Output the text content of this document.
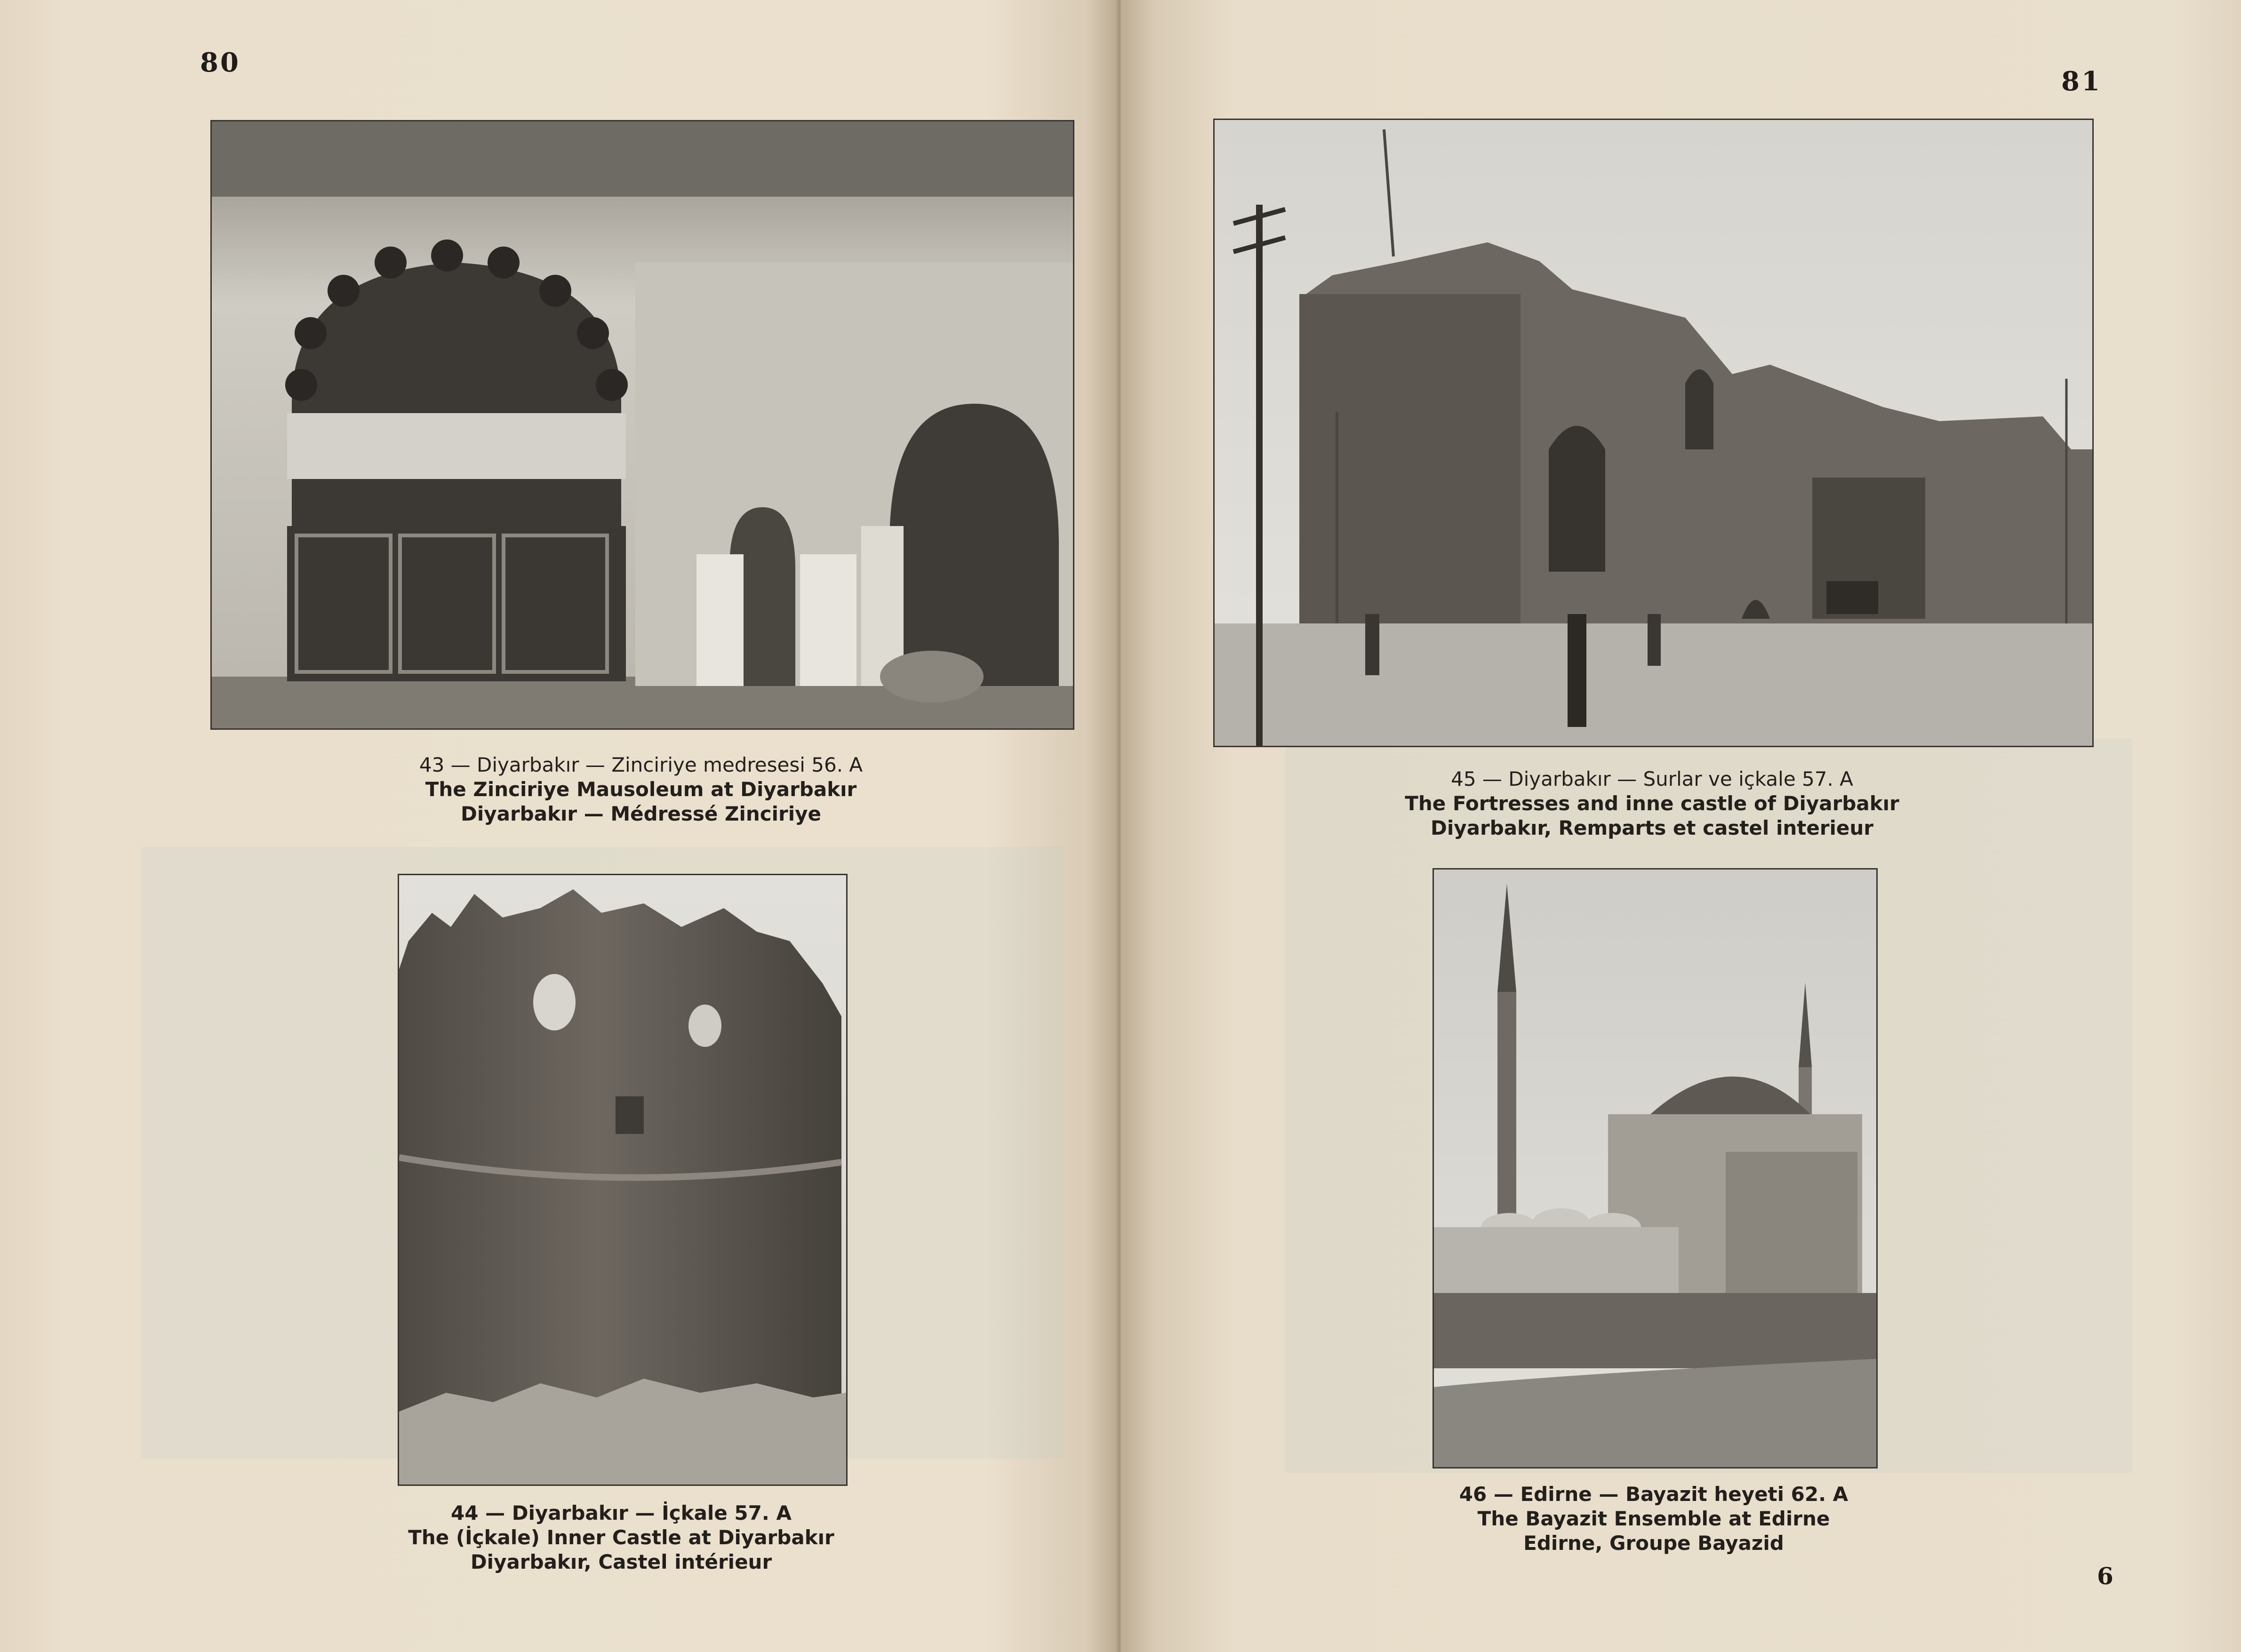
80
43 — Diyarbakır — Zinciriye medresesi 56. A
The Zinciriye Mausoleum at Diyarbakır
Diyarbakır — Médressé Zinciriye
44 — Diyarbakır — İçkale 57. A
The (İçkale) Inner Castle at Diyarbakır
Diyarbakır, Castel intérieur
81
45 — Diyarbakır — Surlar ve içkale 57. A
The Fortresses and inne castle of Diyarbakır
Diyarbakır, Remparts et castel interieur
46 — Edirne — Bayazit heyeti 62. A
The Bayazit Ensemble at Edirne
Edirne, Groupe Bayazid
6
